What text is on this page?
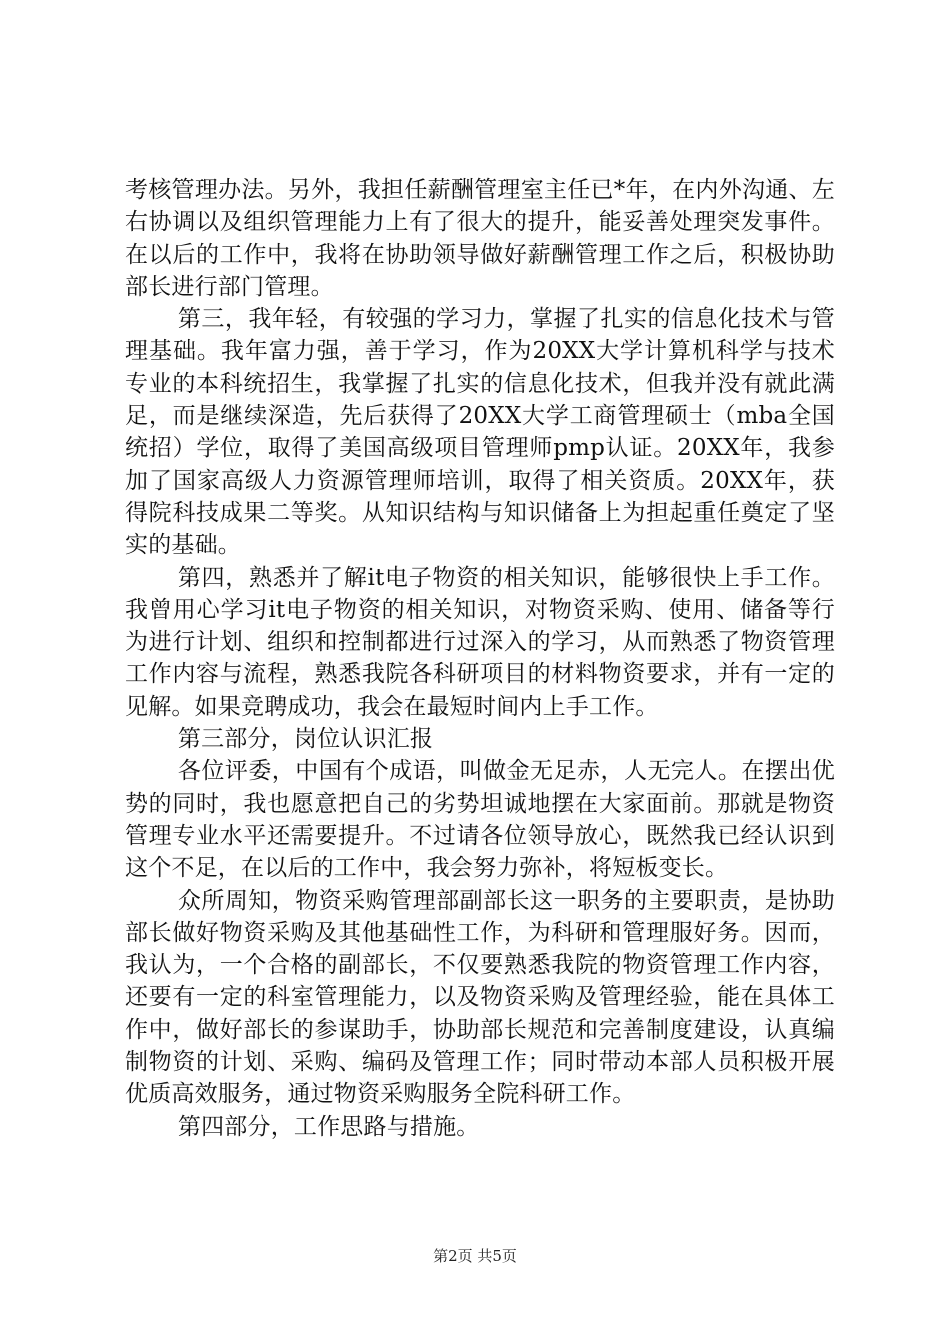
考核管理办法。另外，我担任薪酬管理室主任已*年，在内外沟通、左右协调以及组织管理能力上有了很大的提升，能妥善处理突发事件。在以后的工作中，我将在协助领导做好薪酬管理工作之后，积极协助部长进行部门管理。

第三，我年轻，有较强的学习力，掌握了扎实的信息化技术与管理基础。我年富力强，善于学习，作为20XX大学计算机科学与技术专业的本科统招生，我掌握了扎实的信息化技术，但我并没有就此满足，而是继续深造，先后获得了20XX大学工商管理硕士（mba全国统招）学位，取得了美国高级项目管理师pmp认证。20XX年，我参加了国家高级人力资源管理师培训，取得了相关资质。20XX年，获得院科技成果二等奖。从知识结构与知识储备上为担起重任奠定了坚实的基础。

第四，熟悉并了解it电子物资的相关知识，能够很快上手工作。我曾用心学习it电子物资的相关知识，对物资采购、使用、储备等行为进行计划、组织和控制都进行过深入的学习，从而熟悉了物资管理工作内容与流程，熟悉我院各科研项目的材料物资要求，并有一定的见解。如果竞聘成功，我会在最短时间内上手工作。

第三部分，岗位认识汇报

各位评委，中国有个成语，叫做金无足赤，人无完人。在摆出优势的同时，我也愿意把自己的劣势坦诚地摆在大家面前。那就是物资管理专业水平还需要提升。不过请各位领导放心，既然我已经认识到这个不足，在以后的工作中，我会努力弥补，将短板变长。

众所周知，物资采购管理部副部长这一职务的主要职责，是协助部长做好物资采购及其他基础性工作，为科研和管理服好务。因而，我认为，一个合格的副部长，不仅要熟悉我院的物资管理工作内容，还要有一定的科室管理能力，以及物资采购及管理经验，能在具体工作中，做好部长的参谋助手，协助部长规范和完善制度建设，认真编制物资的计划、采购、编码及管理工作；同时带动本部人员积极开展优质高效服务，通过物资采购服务全院科研工作。

第四部分，工作思路与措施。

第2页 共5页
